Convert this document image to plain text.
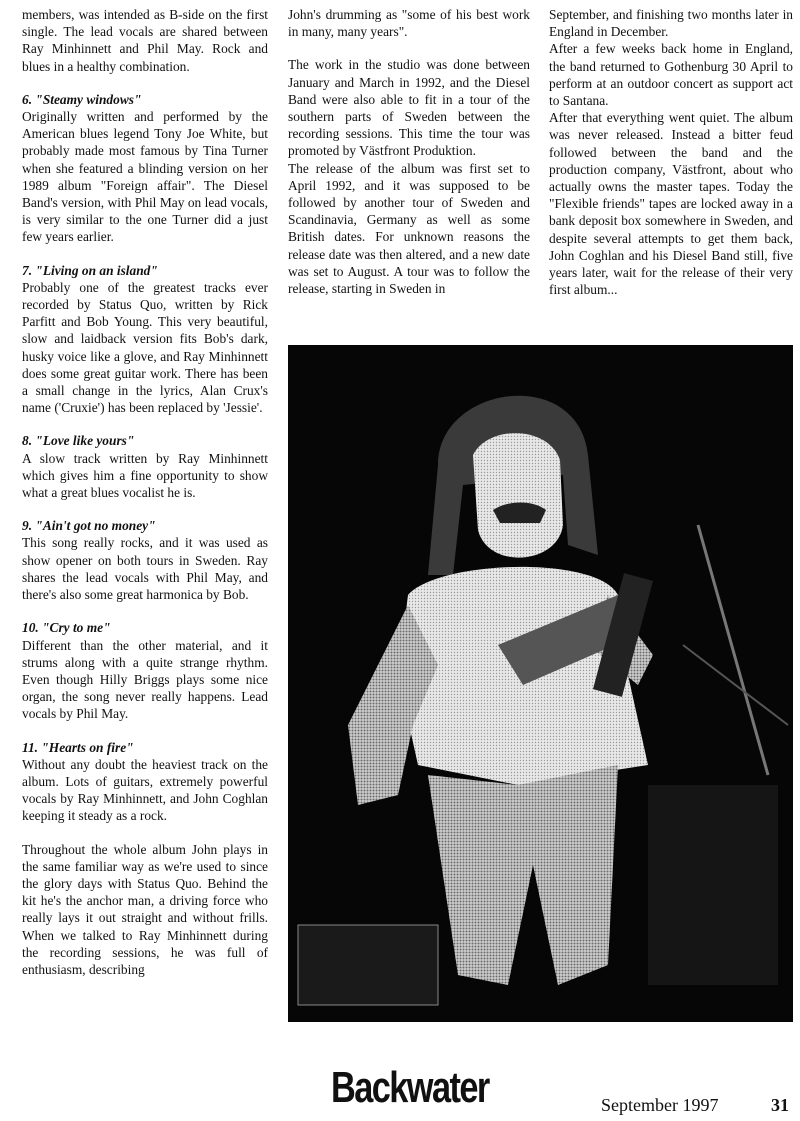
members, was intended as B-side on the first single. The lead vocals are shared between Ray Minhinnett and Phil May. Rock and blues in a healthy combination.

6. "Steamy windows"

Originally written and performed by the American blues legend Tony Joe White, but probably made most famous by Tina Turner when she featured a blinding version on her 1989 album "Foreign affair". The Diesel Band's version, with Phil May on lead vocals, is very similar to the one Turner did a just few years earlier.

7. "Living on an island"

Probably one of the greatest tracks ever recorded by Status Quo, written by Rick Parfitt and Bob Young. This very beautiful, slow and laidback version fits Bob's dark, husky voice like a glove, and Ray Minhinnett does some great guitar work. There has been a small change in the lyrics, Alan Crux's name ('Cruxie') has been replaced by 'Jessie'.

8. "Love like yours"

A slow track written by Ray Minhinnett which gives him a fine opportunity to show what a great blues vocalist he is.

9. "Ain't got no money"

This song really rocks, and it was used as show opener on both tours in Sweden. Ray shares the lead vocals with Phil May, and there's also some great harmonica by Bob.

10. "Cry to me"

Different than the other material, and it strums along with a quite strange rhythm. Even though Hilly Briggs plays some nice organ, the song never really happens. Lead vocals by Phil May.

11. "Hearts on fire"

Without any doubt the heaviest track on the album. Lots of guitars, extremely powerful vocals by Ray Minhinnett, and John Coghlan keeping it steady as a rock.

Throughout the whole album John plays in the same familiar way as we're used to since the glory days with Status Quo. Behind the kit he's the anchor man, a driving force who really lays it out straight and without frills. When we talked to Ray Minhinnett during the recording sessions, he was full of enthusiasm, describing

John's drumming as "some of his best work in many, many years".

The work in the studio was done between January and March in 1992, and the Diesel Band were also able to fit in a tour of the southern parts of Sweden between the recording sessions. This time the tour was promoted by Västfront Produktion.

The release of the album was first set to April 1992, and it was supposed to be followed by another tour of Sweden and Scandinavia, Germany as well as some British dates. For unknown reasons the release date was then altered, and a new date was set to August. A tour was to follow the release, starting in Sweden in

September, and finishing two months later in England in December.

After a few weeks back home in England, the band returned to Gothenburg 30 April to perform at an outdoor concert as support act to Santana.

After that everything went quiet. The album was never released. Instead a bitter feud followed between the band and the production company, Västfront, about who actually owns the master tapes. Today the "Flexible friends" tapes are locked away in a bank deposit box somewhere in Sweden, and despite several attempts to get them back, John Coghlan and his Diesel Band still, five years later, wait for the release of their very first album...

Backwater	September 1997	31
